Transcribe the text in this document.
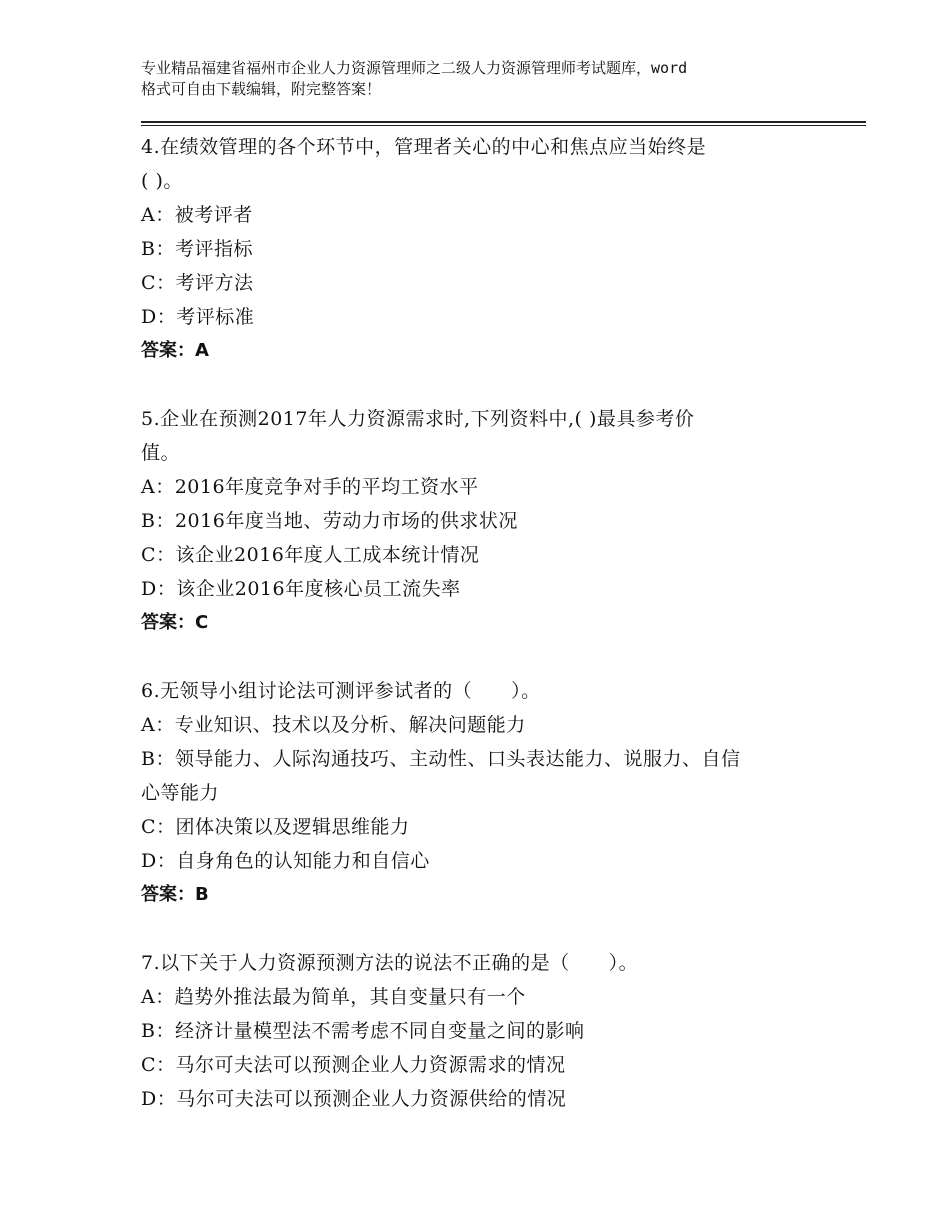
专业精品福建省福州市企业人力资源管理师之二级人力资源管理师考试题库，word
格式可自由下载编辑，附完整答案！
4.在绩效管理的各个环节中，管理者关心的中心和焦点应当始终是
( )。
A：被考评者
B：考评指标
C：考评方法
D：考评标准
答案：A
5.企业在预测2017年人力资源需求时,下列资料中,( )最具参考价
值。
A：2016年度竞争对手的平均工资水平
B：2016年度当地、劳动力市场的供求状况
C：该企业2016年度人工成本统计情况
D：该企业2016年度核心员工流失率
答案：C
6.无领导小组讨论法可测评参试者的（　　）。
A：专业知识、技术以及分析、解决问题能力
B：领导能力、人际沟通技巧、主动性、口头表达能力、说服力、自信
心等能力
C：团体决策以及逻辑思维能力
D：自身角色的认知能力和自信心
答案：B
7.以下关于人力资源预测方法的说法不正确的是（　　）。
A：趋势外推法最为简单，其自变量只有一个
B：经济计量模型法不需考虑不同自变量之间的影响
C：马尔可夫法可以预测企业人力资源需求的情况
D：马尔可夫法可以预测企业人力资源供给的情况
